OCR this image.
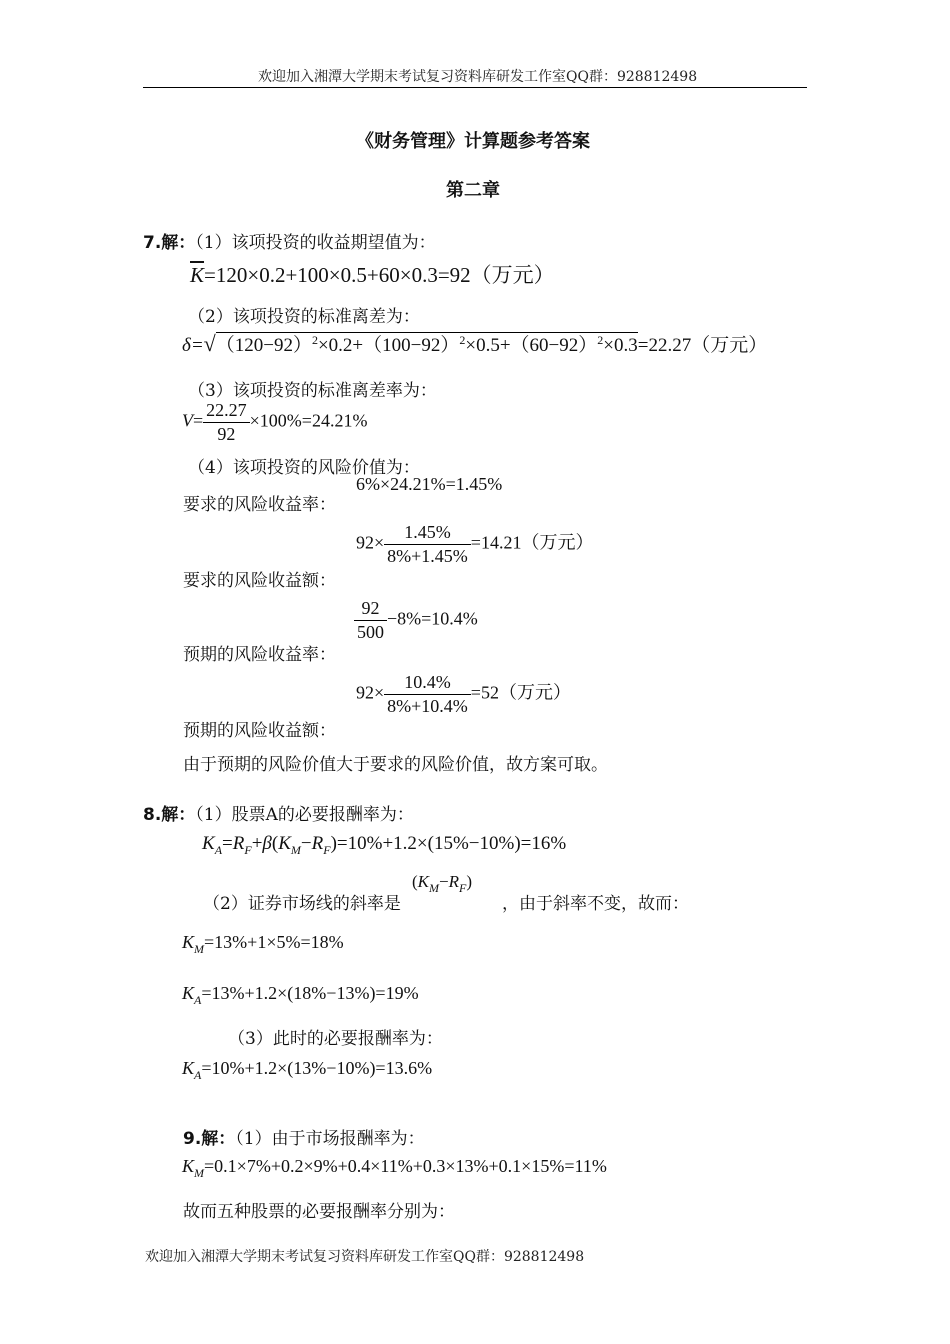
欢迎加入湘潭大学期末考试复习资料库研发工作室QQ群：928812498
《财务管理》计算题参考答案
第二章
7.解：（1）该项投资的收益期望值为：
$\overline{K}=120\times 0.2+100\times 0.5+60\times 0.3=92$（万元）
（2）该项投资的标准离差为：
$\delta=√(120-92)^2\times 0.2+(100-92)^2\times 0.5+(60-92)^2\times 0.3=22.27$（万元）
（3）该项投资的标准离差率为：
$V= \frac{22.27}{92} \times 100\%=24.21\%$
（4）该项投资的风险价值为：
6%×24.21%=1.45%
要求的风险收益率：
$92\times \frac{1.45\%}{8\%+1.45\%} =14.21$（万元）
要求的风险收益额：
$\frac{92}{500} -8\%=10.4\%$
预期的风险收益率：
$92\times \frac{10.4\%}{8\%+10.4\%} =52$（万元）
预期的风险收益额：
由于预期的风险价值大于要求的风险价值，故方案可取。
8.解：（1）股票A的必要报酬率为：
$K_A=R_F+\beta(K_M-R_F)=10\%+1.2\times(15\%-10\%)=16\%$
（2）证券市场线的斜率是
$(K_M-R_F)$
，由于斜率不变，故而：
$K_M=13\%+1\times 5\%=18\%$
$K_A=13\%+1.2\times(18\%-13\%)=19\%$
（3）此时的必要报酬率为：
$K_A=10\%+1.2\times(13\%-10\%)=13.6\%$
9.解：（1）由于市场报酬率为：
$K_M=0.1\times 7\%+0.2\times 9\%+0.4\times 11\%+0.3\times 13\%+0.1\times 15\%=11\%$
故而五种股票的必要报酬率分别为：
欢迎加入湘潭大学期末考试复习资料库研发工作室QQ群：928812498
